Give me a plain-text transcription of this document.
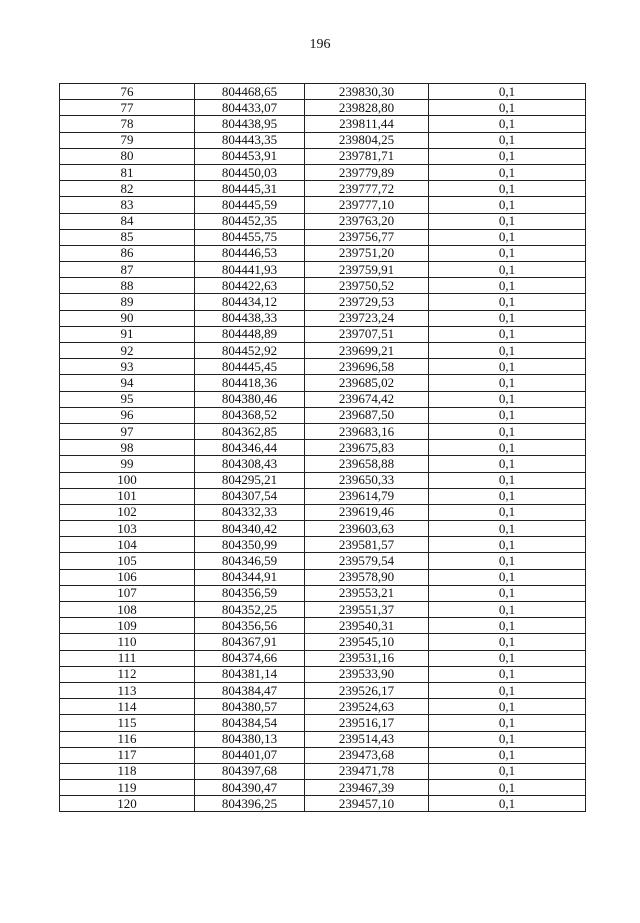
196
76	804468,65	239830,30	0,1
77	804433,07	239828,80	0,1
78	804438,95	239811,44	0,1
79	804443,35	239804,25	0,1
80	804453,91	239781,71	0,1
81	804450,03	239779,89	0,1
82	804445,31	239777,72	0,1
83	804445,59	239777,10	0,1
84	804452,35	239763,20	0,1
85	804455,75	239756,77	0,1
86	804446,53	239751,20	0,1
87	804441,93	239759,91	0,1
88	804422,63	239750,52	0,1
89	804434,12	239729,53	0,1
90	804438,33	239723,24	0,1
91	804448,89	239707,51	0,1
92	804452,92	239699,21	0,1
93	804445,45	239696,58	0,1
94	804418,36	239685,02	0,1
95	804380,46	239674,42	0,1
96	804368,52	239687,50	0,1
97	804362,85	239683,16	0,1
98	804346,44	239675,83	0,1
99	804308,43	239658,88	0,1
100	804295,21	239650,33	0,1
101	804307,54	239614,79	0,1
102	804332,33	239619,46	0,1
103	804340,42	239603,63	0,1
104	804350,99	239581,57	0,1
105	804346,59	239579,54	0,1
106	804344,91	239578,90	0,1
107	804356,59	239553,21	0,1
108	804352,25	239551,37	0,1
109	804356,56	239540,31	0,1
110	804367,91	239545,10	0,1
111	804374,66	239531,16	0,1
112	804381,14	239533,90	0,1
113	804384,47	239526,17	0,1
114	804380,57	239524,63	0,1
115	804384,54	239516,17	0,1
116	804380,13	239514,43	0,1
117	804401,07	239473,68	0,1
118	804397,68	239471,78	0,1
119	804390,47	239467,39	0,1
120	804396,25	239457,10	0,1
